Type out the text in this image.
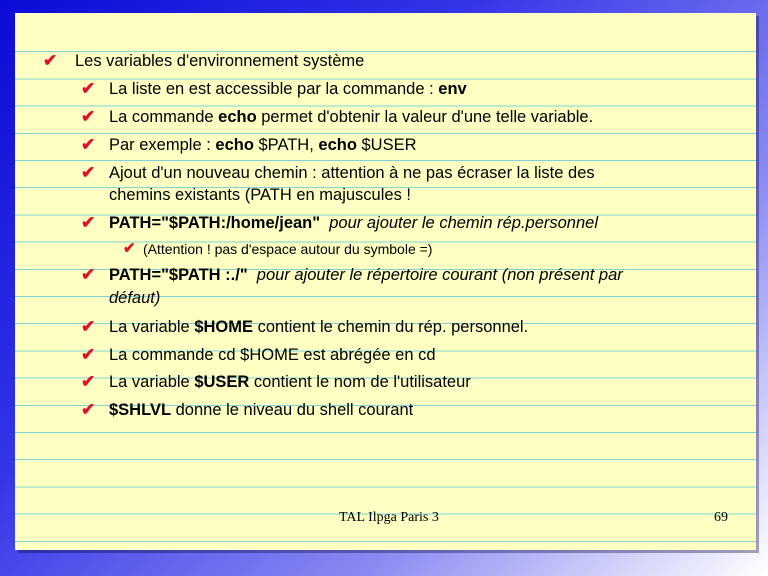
✔ Les variables d'environnement système
✔ La liste en est accessible par la commande : env
✔ La commande echo permet d'obtenir la valeur d'une telle variable.
✔ Par exemple : echo $PATH, echo $USER
✔ Ajout d'un nouveau chemin : attention à ne pas écraser la liste des
chemins existants (PATH en majuscules !
✔ PATH="$PATH:/home/jean"  pour ajouter le chemin rép.personnel
✔ (Attention ! pas d'espace autour du symbole =)
✔ PATH="$PATH :./"  pour ajouter le répertoire courant (non présent par
défaut)
✔ La variable $HOME contient le chemin du rép. personnel.
✔ La commande cd $HOME est abrégée en cd
✔ La variable $USER contient le nom de l'utilisateur
✔ $SHLVL donne le niveau du shell courant
TAL Ilpga Paris 3	69
